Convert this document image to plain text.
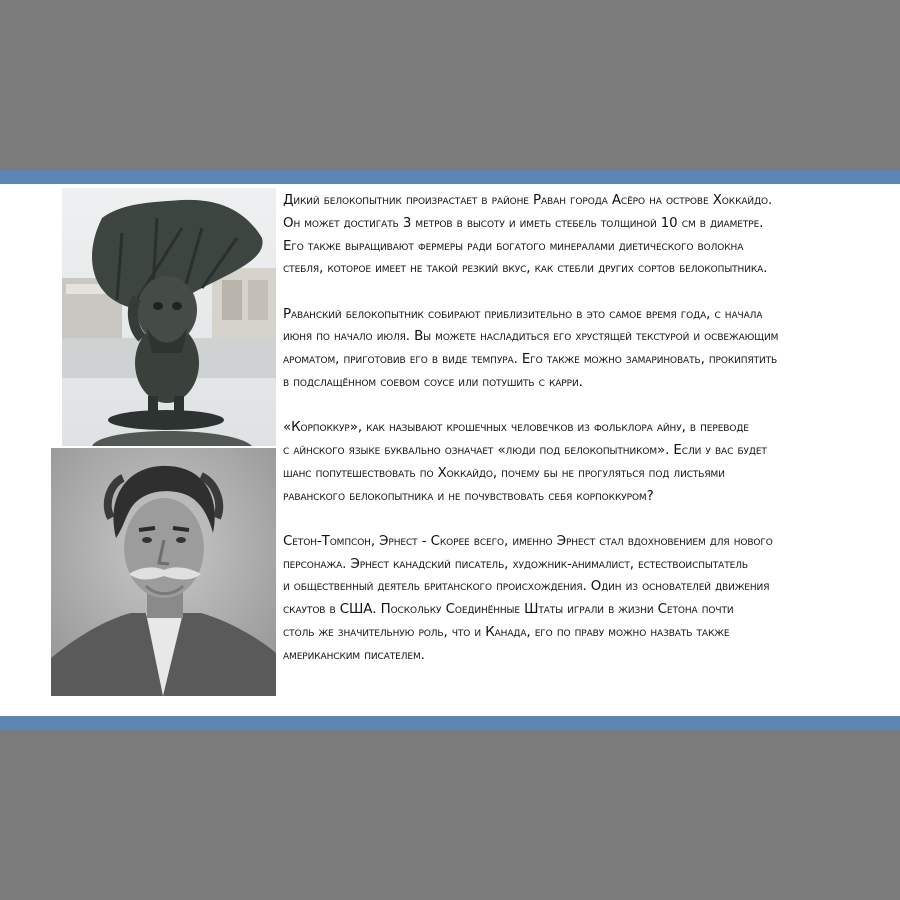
Дикий белокопытник произрастает в районе Раван города Асёро на острове Хоккайдо.
Он может достигать 3 метров в высоту и иметь стебель толщиной 10 см в диаметре.
Его также выращивают фермеры ради богатого минералами диетического волокна
стебля, которое имеет не такой резкий вкус, как стебли других сортов белокопытника.

Раванский белокопытник собирают приблизительно в это самое время года, с начала
июня по начало июля. Вы можете насладиться его хрустящей текстурой и освежающим
ароматом, приготовив его в виде темпура. Его также можно замариновать, прокипятить
в подслащённом соевом соусе или потушить с карри.

«Корпоккур», как называют крошечных человечков из фольклора айну, в переводе
с айнского языке буквально означает «люди под белокопытником». Если у вас будет
шанс попутешествовать по Хоккайдо, почему бы не прогуляться под листьями
раванского белокопытника и не почувствовать себя корпоккуром?

Сетон-Томпсон, Эрнест - Скорее всего, именно Эрнест стал вдохновением для нового
персонажа. Эрнест канадский писатель, художник-анималист, естествоиспытатель
и общественный деятель британского происхождения. Один из основателей движения
скаутов в США. Поскольку Соединённые Штаты играли в жизни Сетона почти
столь же значительную роль, что и Канада, его по праву можно назвать также
американским писателем.
